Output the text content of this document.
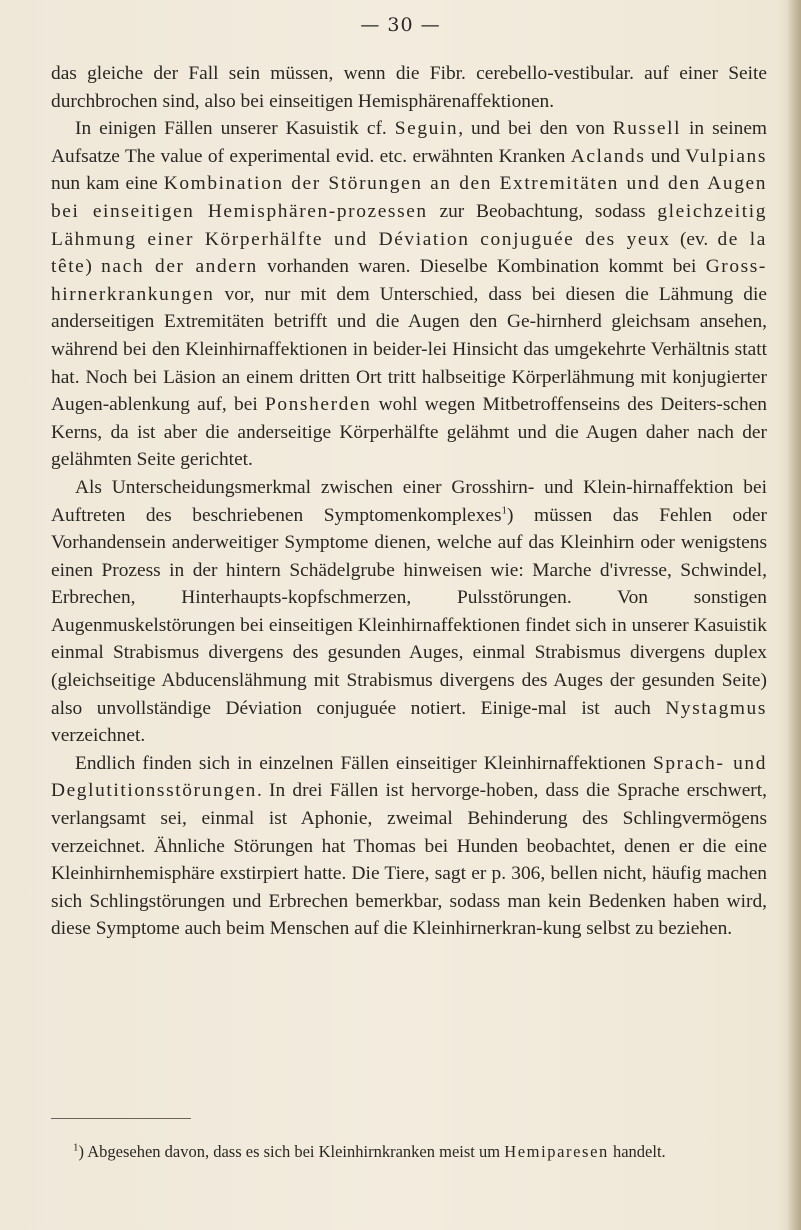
— 30 —

das gleiche der Fall sein müssen, wenn die Fibr. cerebello-vestibular. auf einer Seite durchbrochen sind, also bei einseitigen Hemisphärenaffektionen.

In einigen Fällen unserer Kasuistik cf. Seguin, und bei den von Russell in seinem Aufsatze The value of experimental evid. etc. erwähnten Kranken Aclands und Vulpians nun kam eine Kombination der Störungen an den Extremitäten und den Augen bei einseitigen Hemisphären-prozessen zur Beobachtung, sodass gleichzeitig Lähmung einer Körperhälfte und Déviation conjuguée des yeux (ev. de la tête) nach der andern vorhanden waren. Dieselbe Kombination kommt bei Gross-hirnerkrankungen vor, nur mit dem Unterschied, dass bei diesen die Lähmung die anderseitigen Extremitäten betrifft und die Augen den Ge-hirnherd gleichsam ansehen, während bei den Kleinhirnaffektionen in beider-lei Hinsicht das umgekehrte Verhältnis statt hat. Noch bei Läsion an einem dritten Ort tritt halbseitige Körperlähmung mit konjugierter Augen-ablenkung auf, bei Ponsherden wohl wegen Mitbetroffenseins des Deiters-schen Kerns, da ist aber die anderseitige Körperhälfte gelähmt und die Augen daher nach der gelähmten Seite gerichtet.

Als Unterscheidungsmerkmal zwischen einer Grosshirn- und Klein-hirnaffektion bei Auftreten des beschriebenen Symptomenkomplexes$^1$) müssen das Fehlen oder Vorhandensein anderweitiger Symptome dienen, welche auf das Kleinhirn oder wenigstens einen Prozess in der hintern Schädelgrube hinweisen wie: Marche d'ivresse, Schwindel, Erbrechen, Hinterhaupts-kopfschmerzen, Pulsstörungen. Von sonstigen Augenmuskelstörungen bei einseitigen Kleinhirnaffektionen findet sich in unserer Kasuistik einmal Strabismus divergens des gesunden Auges, einmal Strabismus divergens duplex (gleichseitige Abducenslähmung mit Strabismus divergens des Auges der gesunden Seite) also unvollständige Déviation conjuguée notiert. Einige-mal ist auch Nystagmus verzeichnet.

Endlich finden sich in einzelnen Fällen einseitiger Kleinhirnaffektionen Sprach- und Deglutitionsstörungen. In drei Fällen ist hervorge-hoben, dass die Sprache erschwert, verlangsamt sei, einmal ist Aphonie, zweimal Behinderung des Schlingvermögens verzeichnet. Ähnliche Störungen hat Thomas bei Hunden beobachtet, denen er die eine Kleinhirnhemisphäre exstirpiert hatte. Die Tiere, sagt er p. 306, bellen nicht, häufig machen sich Schlingstörungen und Erbrechen bemerkbar, sodass man kein Bedenken haben wird, diese Symptome auch beim Menschen auf die Kleinhirnerkran-kung selbst zu beziehen.

$^1$) Abgesehen davon, dass es sich bei Kleinhirnkranken meist um Hemiparesen handelt.
